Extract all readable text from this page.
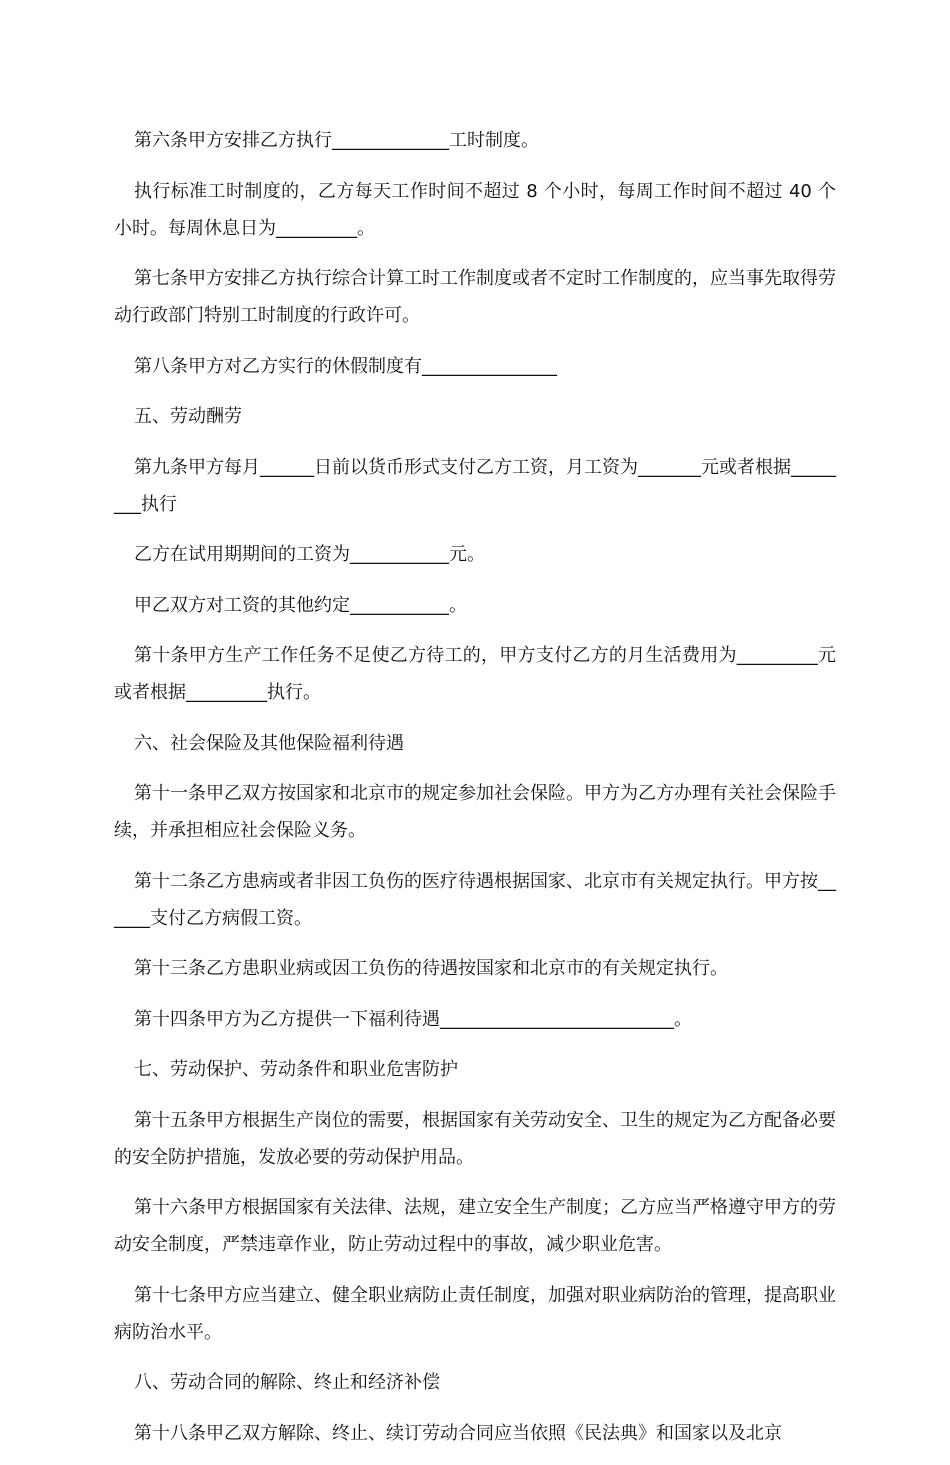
第六条甲方安排乙方执行_____________工时制度。

执行标准工时制度的，乙方每天工作时间不超过 8 个小时，每周工作时间不超过 40 个小时。每周休息日为_________。

第七条甲方安排乙方执行综合计算工时工作制度或者不定时工作制度的，应当事先取得劳动行政部门特别工时制度的行政许可。

第八条甲方对乙方实行的休假制度有_______________

五、劳动酬劳

第九条甲方每月______日前以货币形式支付乙方工资，月工资为_______元或者根据________执行

乙方在试用期期间的工资为___________元。

甲乙双方对工资的其他约定___________。

第十条甲方生产工作任务不足使乙方待工的，甲方支付乙方的月生活费用为_________元或者根据_________执行。

六、社会保险及其他保险福利待遇

第十一条甲乙双方按国家和北京市的规定参加社会保险。甲方为乙方办理有关社会保险手续，并承担相应社会保险义务。

第十二条乙方患病或者非因工负伤的医疗待遇根据国家、北京市有关规定执行。甲方按______支付乙方病假工资。

第十三条乙方患职业病或因工负伤的待遇按国家和北京市的有关规定执行。

第十四条甲方为乙方提供一下福利待遇__________________________。

七、劳动保护、劳动条件和职业危害防护

第十五条甲方根据生产岗位的需要，根据国家有关劳动安全、卫生的规定为乙方配备必要的安全防护措施，发放必要的劳动保护用品。

第十六条甲方根据国家有关法律、法规，建立安全生产制度；乙方应当严格遵守甲方的劳动安全制度，严禁违章作业，防止劳动过程中的事故，减少职业危害。

第十七条甲方应当建立、健全职业病防止责任制度，加强对职业病防治的管理，提高职业病防治水平。

八、劳动合同的解除、终止和经济补偿

第十八条甲乙双方解除、终止、续订劳动合同应当依照《民法典》和国家以及北京
